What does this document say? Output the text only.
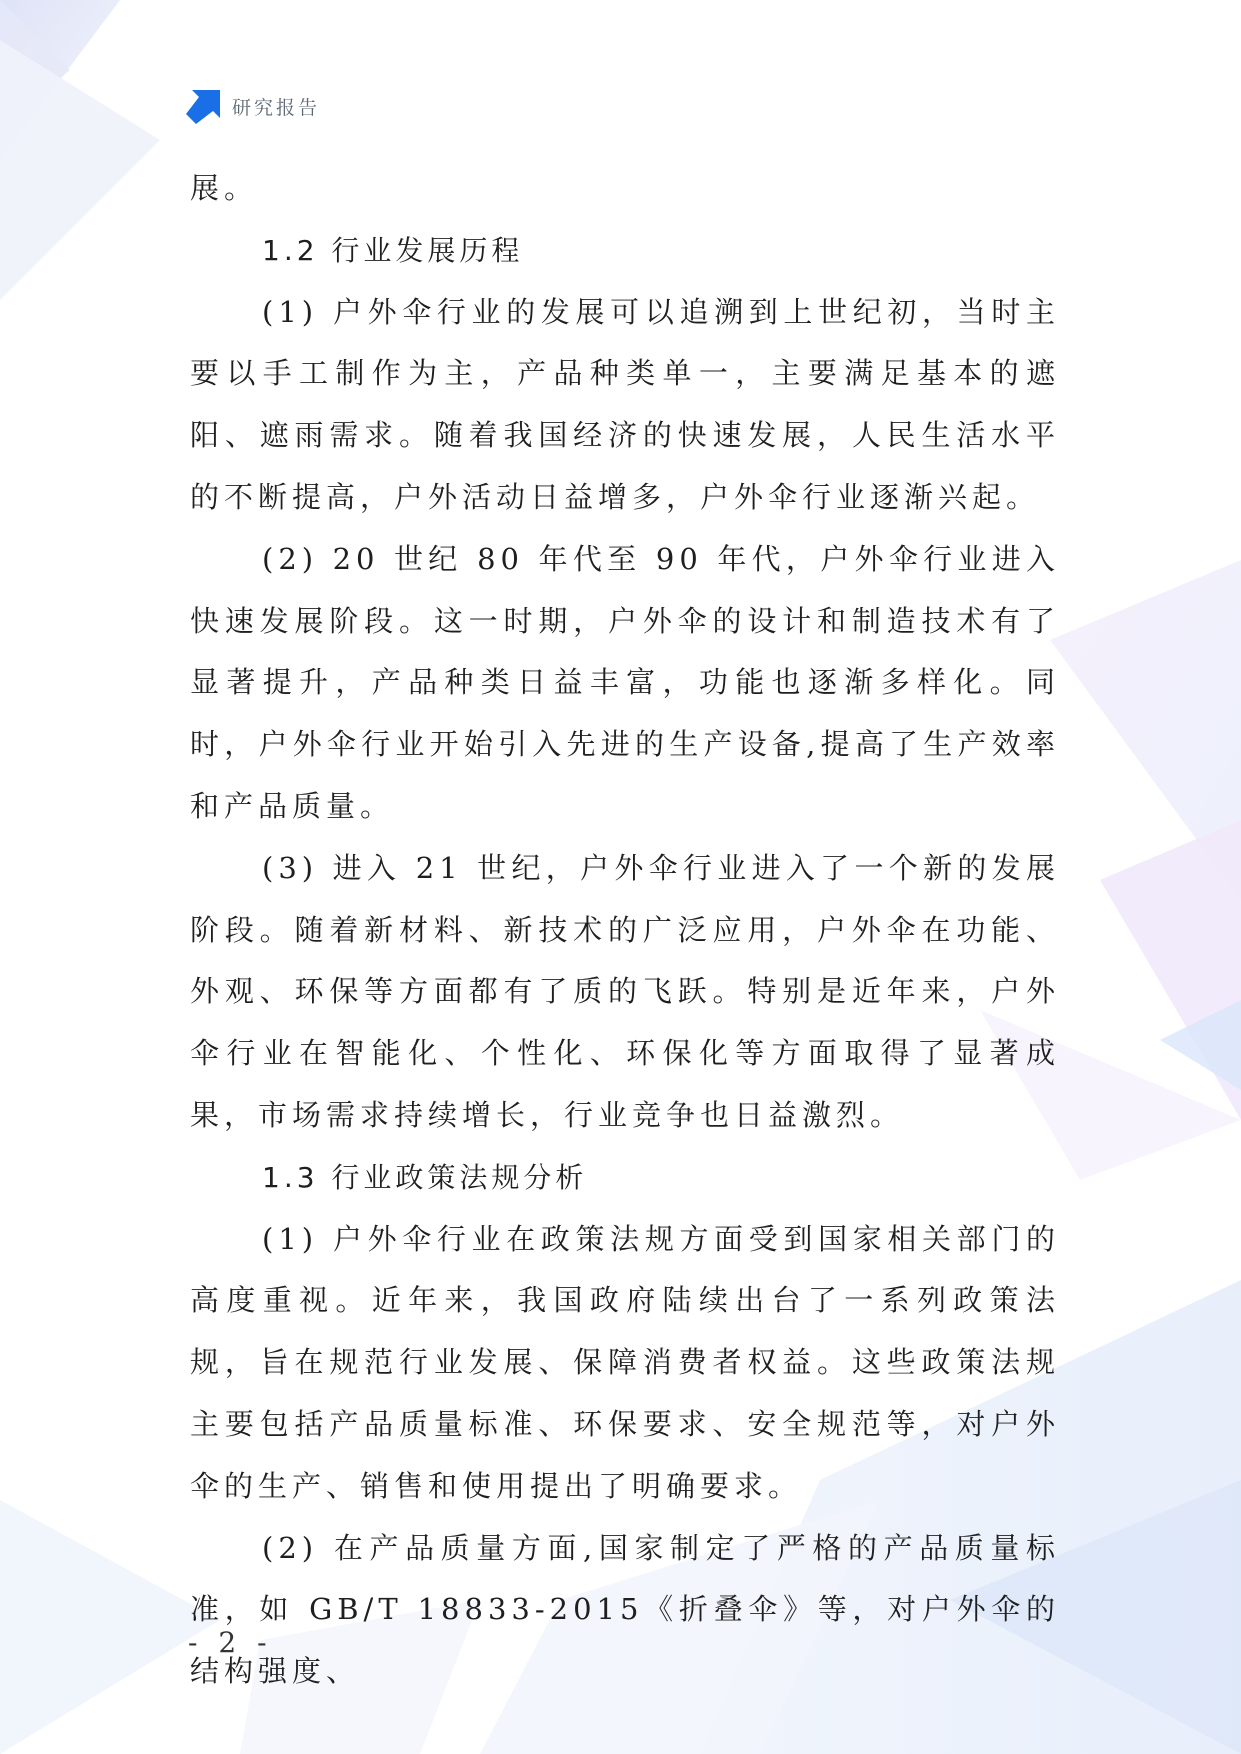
研究报告

展。

1.2 行业发展历程

(1) 户外伞行业的发展可以追溯到上世纪初，当时主要以手工制作为主，产品种类单一，主要满足基本的遮阳、遮雨需求。随着我国经济的快速发展，人民生活水平的不断提高，户外活动日益增多，户外伞行业逐渐兴起。

(2) 20 世纪 80 年代至 90 年代，户外伞行业进入快速发展阶段。这一时期，户外伞的设计和制造技术有了显著提升，产品种类日益丰富，功能也逐渐多样化。同时，户外伞行业开始引入先进的生产设备,提高了生产效率和产品质量。

(3) 进入 21 世纪，户外伞行业进入了一个新的发展阶段。随着新材料、新技术的广泛应用，户外伞在功能、外观、环保等方面都有了质的飞跃。特别是近年来，户外伞行业在智能化、个性化、环保化等方面取得了显著成果，市场需求持续增长，行业竞争也日益激烈。

1.3 行业政策法规分析

(1) 户外伞行业在政策法规方面受到国家相关部门的高度重视。近年来，我国政府陆续出台了一系列政策法规，旨在规范行业发展、保障消费者权益。这些政策法规主要包括产品质量标准、环保要求、安全规范等，对户外伞的生产、销售和使用提出了明确要求。

(2) 在产品质量方面,国家制定了严格的产品质量标准，如 GB/T 18833-2015《折叠伞》等，对户外伞的结构强度、

- 2 -
